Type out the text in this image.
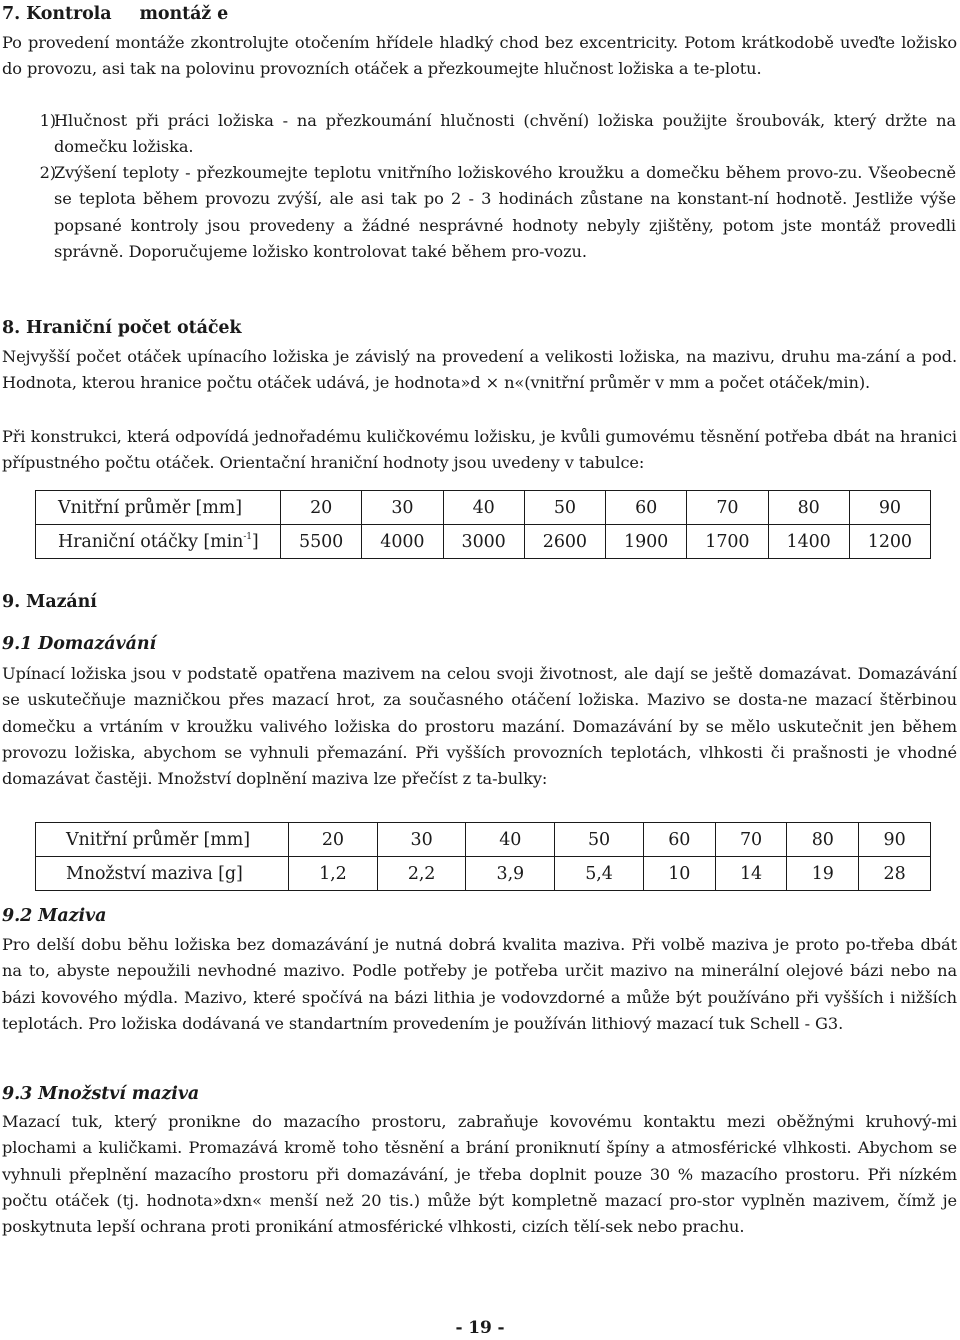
7. Kontrola montáž e
Po provedení montáže zkontrolujte otočením hřídele hladký chod bez excentricity. Potom krátkodobě uveďte ložisko do provozu, asi tak na polovinu provozních otáček a přezkoumejte hlučnost ložiska a te-plotu.
1)
Hlučnost při práci ložiska - na přezkoumání hlučnosti (chvění) ložiska použijte šroubovák, který držte na domečku ložiska.
2)
Zvýšení teploty - přezkoumejte teplotu vnitřního ložiskového kroužku a domečku během provo-zu. Všeobecně se teplota během provozu zvýší, ale asi tak po 2 - 3 hodinách zůstane na konstant-ní hodnotě. Jestliže výše popsané kontroly jsou provedeny a žádné nesprávné hodnoty nebyly zjištěny, potom jste montáž provedli správně. Doporučujeme ložisko kontrolovat také během pro-vozu.
8. Hraniční počet otáček
Nejvyšší počet otáček upínacího ložiska je závislý na provedení a velikosti ložiska, na mazivu, druhu ma-zání a pod. Hodnota, kterou hranice počtu otáček udává, je hodnota»d × n«(vnitřní průměr v mm a počet otáček/min).
Při konstrukci, která odpovídá jednořadému kuličkovému ložisku, je kvůli gumovému těsnění potřeba dbát na hranici přípustného počtu otáček. Orientační hraniční hodnoty jsou uvedeny v tabulce:
Vnitřní průměr [mm]	20	30	40	50	60	70	80	90
Hraniční otáčky $[\min^{-1}]$	5500	4000	3000	2600	1900	1700	1400	1200
9. Mazání
9.1 Domazávání
Upínací ložiska jsou v podstatě opatřena mazivem na celou svoji životnost, ale dají se ještě domazávat. Domazávání se uskutečňuje mazničkou přes mazací hrot, za současného otáčení ložiska. Mazivo se dosta-ne mazací štěrbinou domečku a vrtáním v kroužku valivého ložiska do prostoru mazání. Domazávání by se mělo uskutečnit jen během provozu ložiska, abychom se vyhnuli přemazání. Při vyšších provozních teplotách, vlhkosti či prašnosti je vhodné domazávat častěji. Množství doplnění maziva lze přečíst z ta-bulky:
Vnitřní průměr [mm]	20	30	40	50	60	70	80	90
Množství maziva [g]	1,2	2,2	3,9	5,4	10	14	19	28
9.2 Maziva
Pro delší dobu běhu ložiska bez domazávání je nutná dobrá kvalita maziva. Při volbě maziva je proto po-třeba dbát na to, abyste nepoužili nevhodné mazivo. Podle potřeby je potřeba určit mazivo na minerální olejové bázi nebo na bázi kovového mýdla. Mazivo, které spočívá na bázi lithia je vodovzdorné a může být používáno při vyšších i nižších teplotách. Pro ložiska dodávaná ve standartním provedením je používán lithiový mazací tuk Schell - G3.
9.3 Množství maziva
Mazací tuk, který pronikne do mazacího prostoru, zabraňuje kovovému kontaktu mezi oběžnými kruhový-mi plochami a kuličkami. Promazává kromě toho těsnění a brání proniknutí špíny a atmosférické vlhkosti. Abychom se vyhnuli přeplnění mazacího prostoru při domazávání, je třeba doplnit pouze 30 % mazacího prostoru. Při nízkém počtu otáček (tj. hodnota»dxn« menší než 20 tis.) může být kompletně mazací pro-stor vyplněn mazivem, čímž je poskytnuta lepší ochrana proti pronikání atmosférické vlhkosti, cizích tělí-sek nebo prachu.
- 19 -
